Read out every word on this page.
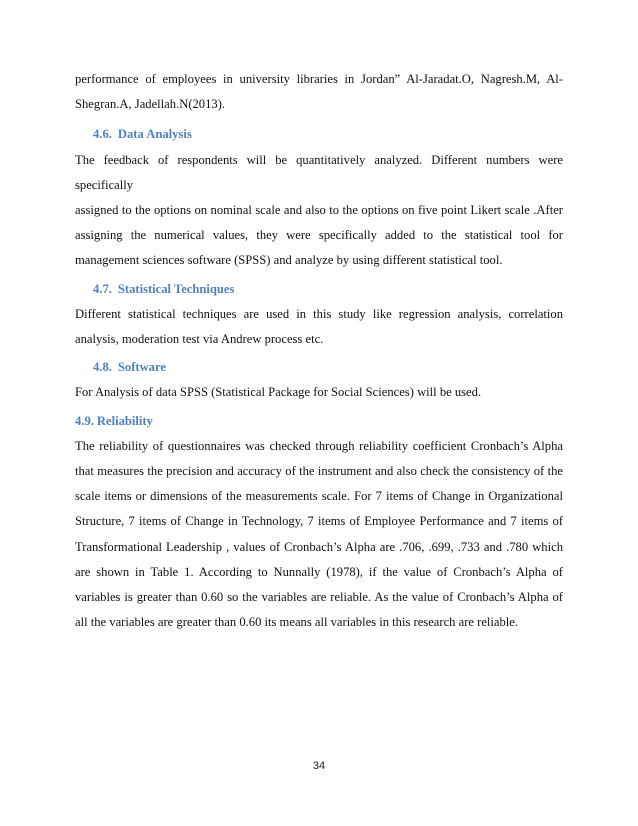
performance of employees in university libraries in Jordan” Al-Jaradat.O, Nagresh.M, Al-
Shegran.A, Jadellah.N(2013).

4.6. Data Analysis

The feedback of respondents will be quantitatively analyzed. Different numbers were specifically
assigned to the options on nominal scale and also to the options on five point Likert scale .After
assigning the numerical values, they were specifically added to the statistical tool for
management sciences software (SPSS) and analyze by using different statistical tool.

4.7. Statistical Techniques

Different statistical techniques are used in this study like regression analysis, correlation
analysis, moderation test via Andrew process etc.

4.8. Software

For Analysis of data SPSS (Statistical Package for Social Sciences) will be used.

4.9. Reliability

The reliability of questionnaires was checked through reliability coefficient Cronbach’s Alpha
that measures the precision and accuracy of the instrument and also check the consistency of the
scale items or dimensions of the measurements scale. For 7 items of Change in Organizational
Structure, 7 items of Change in Technology, 7 items of Employee Performance and 7 items of
Transformational Leadership , values of Cronbach’s Alpha are .706, .699, .733 and .780 which
are shown in Table 1. According to Nunnally (1978), if the value of Cronbach’s Alpha of
variables is greater than 0.60 so the variables are reliable. As the value of Cronbach’s Alpha of
all the variables are greater than 0.60 its means all variables in this research are reliable.

34
